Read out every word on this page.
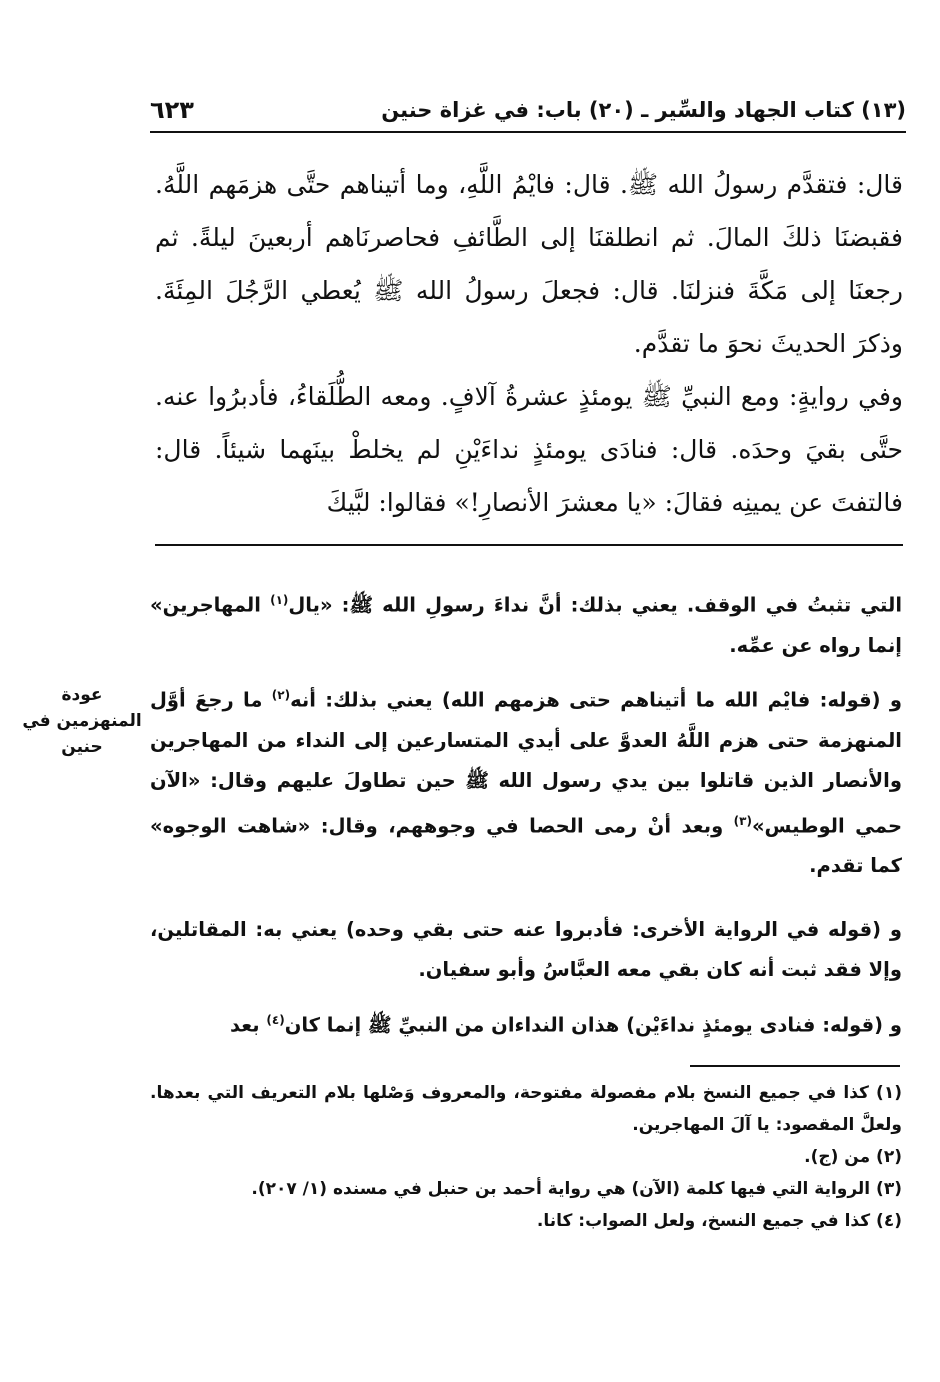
٦٢٣	(١٣) كتاب الجهاد والسِّير ـ (٢٠) باب: في غزاة حنين
قال: فتقدَّم رسولُ الله ﷺ. قال: فايْمُ اللَّهِ، وما أتيناهم حتَّى هزمَهم اللَّهُ. فقبضنَا ذلكَ المالَ. ثم انطلقنَا إلى الطَّائفِ فحاصرنَاهم أربعينَ ليلةً. ثم رجعنَا إلى مَكَّةَ فنزلنَا. قال: فجعلَ رسولُ الله ﷺ يُعطي الرَّجُلَ المِئَةَ. وذكرَ الحديثَ نحوَ ما تقدَّم.
وفي روايةٍ: ومع النبيِّ ﷺ يومئذٍ عشرةُ آلافٍ. ومعه الطُّلَقاءُ، فأدبرُوا عنه. حتَّى بقيَ وحدَه. قال: فنادَى يومئذٍ نداءَيْنِ لم يخلطْ بينَهما شيئاً. قال: فالتفتَ عن يمينِه فقالَ: «يا معشرَ الأنصارِ!» فقالوا: لبَّيكَ
التي تثبتُ في الوقف. يعني بذلك: أنَّ نداءَ رسولِ الله ﷺ: «يال$^{(١)}$ المهاجرين» إنما رواه عن عمِّه.
و (قوله: فايْم الله ما أتيناهم حتى هزمهم الله) يعني بذلك: أنه$^{(٢)}$ ما رجعَ أوَّل المنهزمة حتى هزم اللَّهُ العدوَّ على أيدي المتسارعين إلى النداء من المهاجرين والأنصار الذين قاتلوا بين يدي رسول الله ﷺ حين تطاولَ عليهم وقال: «الآن حمي الوطيس»$^{(٣)}$ وبعد أنْ رمى الحصا في وجوههم، وقال: «شاهت الوجوه» كما تقدم.
عودة
المنهزمين في
حنين
و (قوله في الرواية الأخرى: فأدبروا عنه حتى بقي وحده) يعني به: المقاتلين، وإلا فقد ثبت أنه كان بقي معه العبَّاسُ وأبو سفيان.
و (قوله: فنادى يومئذٍ نداءَيْن) هذان النداءان من النبيِّ ﷺ إنما كان$^{(٤)}$ بعد
(١) كذا في جميع النسخ بلام مفصولة مفتوحة، والمعروف وَصْلها بلام التعريف التي بعدها. ولعلَّ المقصود: يا آلَ المهاجرين.
(٢) من (ج).
(٣) الرواية التي فيها كلمة (الآن) هي رواية أحمد بن حنبل في مسنده (١/ ٢٠٧).
(٤) كذا في جميع النسخ، ولعل الصواب: كانا.
